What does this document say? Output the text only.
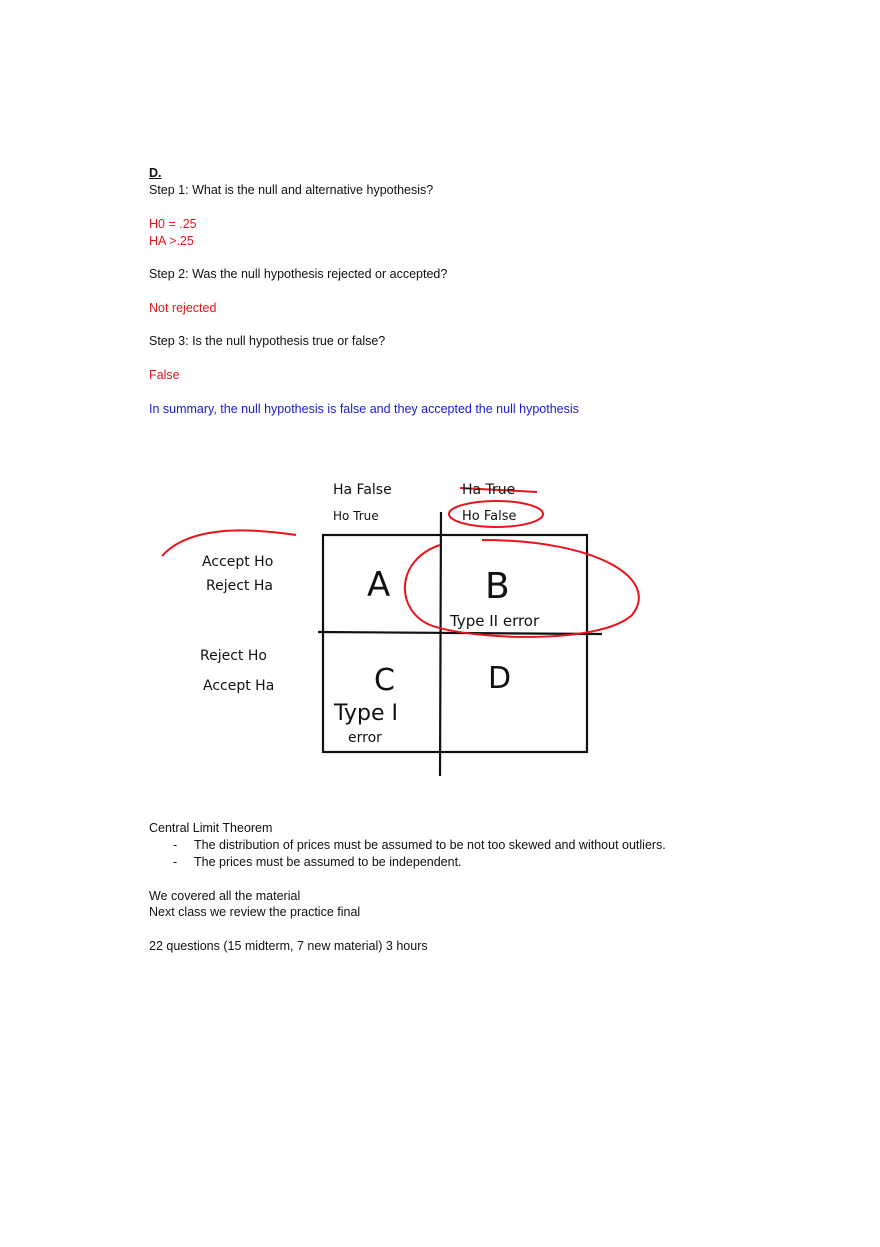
D.
Step 1: What is the null and alternative hypothesis?
H0 = .25
HA >.25
Step 2: Was the null hypothesis rejected or accepted?
Not rejected
Step 3: Is the null hypothesis true or false?
False
In summary, the null hypothesis is false and they accepted the null hypothesis
Ha False
Ho True
Ha True
Ho False
Accept Ho
Reject Ha
Reject Ho
Accept Ha
A	B
Type II error
C
Type I
error
D
Central Limit Theorem
- The distribution of prices must be assumed to be not too skewed and without outliers.
- The prices must be assumed to be independent.
We covered all the material
Next class we review the practice final
22 questions (15 midterm, 7 new material) 3 hours
